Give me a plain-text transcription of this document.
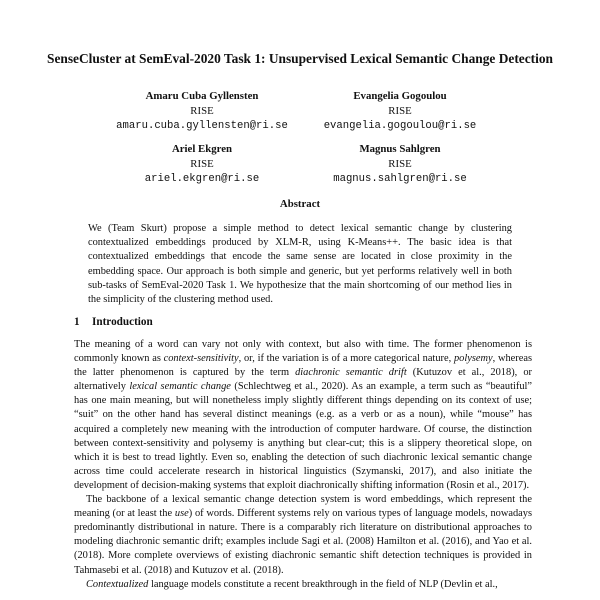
SenseCluster at SemEval-2020 Task 1: Unsupervised Lexical Semantic Change Detection
Amaru Cuba Gyllensten
RISE
amaru.cuba.gyllensten@ri.se
Evangelia Gogoulou
RISE
evangelia.gogoulou@ri.se
Ariel Ekgren
RISE
ariel.ekgren@ri.se
Magnus Sahlgren
RISE
magnus.sahlgren@ri.se
Abstract
We (Team Skurt) propose a simple method to detect lexical semantic change by clustering contextualized embeddings produced by XLM-R, using K-Means++. The basic idea is that contextualized embeddings that encode the same sense are located in close proximity in the embedding space. Our approach is both simple and generic, but yet performs relatively well in both sub-tasks of SemEval-2020 Task 1. We hypothesize that the main shortcoming of our method lies in the simplicity of the clustering method used.
1 Introduction

The meaning of a word can vary not only with context, but also with time. The former phenomenon is commonly known as context-sensitivity, or, if the variation is of a more categorical nature, polysemy, whereas the latter phenomenon is captured by the term diachronic semantic drift (Kutuzov et al., 2018), or alternatively lexical semantic change (Schlechtweg et al., 2020). As an example, a term such as “beautiful” has one main meaning, but will nonetheless imply slightly different things depending on its context of use; “suit” on the other hand has several distinct meanings (e.g. as a verb or as a noun), while “mouse” has acquired a completely new meaning with the introduction of computer hardware. Of course, the distinction between context-sensitivity and polysemy is anything but clear-cut; this is a slippery theoretical slope, on which it is best to tread lightly. Even so, enabling the detection of such diachronic lexical semantic change across time could accelerate research in historical linguistics (Szymanski, 2017), and also initiate the development of decision-making systems that exploit diachronically shifting information (Rosin et al., 2017).

The backbone of a lexical semantic change detection system is word embeddings, which represent the meaning (or at least the use) of words. Different systems rely on various types of language models, nowadays predominantly distributional in nature. There is a comparably rich literature on distributional approaches to modeling diachronic semantic drift; examples include Sagi et al. (2008) Hamilton et al. (2016), and Yao et al. (2018). More complete overviews of existing diachronic semantic shift detection techniques is provided in Tahmasebi et al. (2018) and Kutuzov et al. (2018).

Contextualized language models constitute a recent breakthrough in the field of NLP (Devlin et al.,
